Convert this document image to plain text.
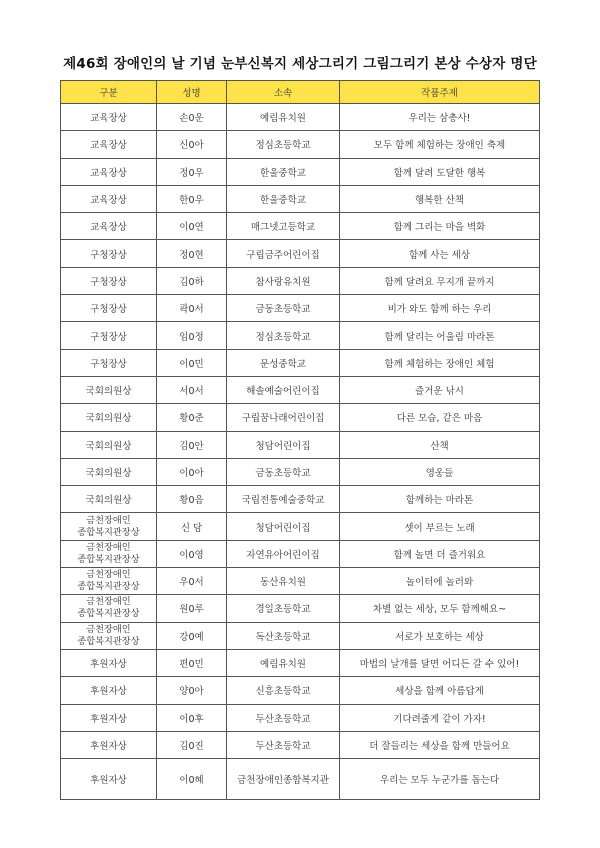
제46회 장애인의 날 기념 눈부신복지 세상그리기 그림그리기 본상 수상자 명단
구분	성명	소속	작품주제
교육장상	손0운	예림유치원	우리는 삼총사!
교육장상	신0아	정심초등학교	모두 함께 체험하는 장애인 축제
교육장상	정0우	한울중학교	함께 달려 도달한 행복
교육장상	한0우	한울중학교	행복한 산책
교육장상	이0연	매그넷고등학교	함께 그리는 마을 벽화
구청장상	정0현	구립금주어린이집	함께 사는 세상
구청장상	김0하	참사랑유치원	함께 달려요 무지개 끝까지
구청장상	곽0서	금동초등학교	비가 와도 함께 하는 우리
구청장상	임0정	정심초등학교	함께 달리는 어울림 마라톤
구청장상	이0민	문성중학교	함께 체험하는 장애인 체험
국회의원상	서0서	해솔예술어린이집	즐거운 낚시
국회의원상	황0준	구립꿈나래어린이집	다른 모습, 같은 마음
국회의원상	김0안	청담어린이집	산책
국회의원상	이0아	금동초등학교	영웅들
국회의원상	황0음	국립전통예술중학교	함께하는 마라톤

금천장애인
종합복지관장상	신 담	청담어린이집	셋이 부르는 노래

금천장애인
종합복지관장상	이0영	자연유아어린이집	함께 놀면 더 즐거워요

금천장애인
종합복지관장상	우0서	동산유치원	놀이터에 놀러와

금천장애인
종합복지관장상	원0루	경일초등학교	차별 없는 세상, 모두 함께해요~

금천장애인
종합복지관장상	강0예	독산초등학교	서로가 보호하는 세상
후원자상	편0민	예림유치원	마법의 날개를 달면 어디든 갈 수 있어!
후원자상	양0아	신흥초등학교	세상을 함께 아름답게
후원자상	이0후	두산초등학교	기다려줄게 같이 가자!
후원자상	김0진	두산초등학교	더 잘들리는 세상을 함께 만들어요
후원자상	이0혜	금천장애인종합복지관	우리는 모두 누군가를 돕는다
